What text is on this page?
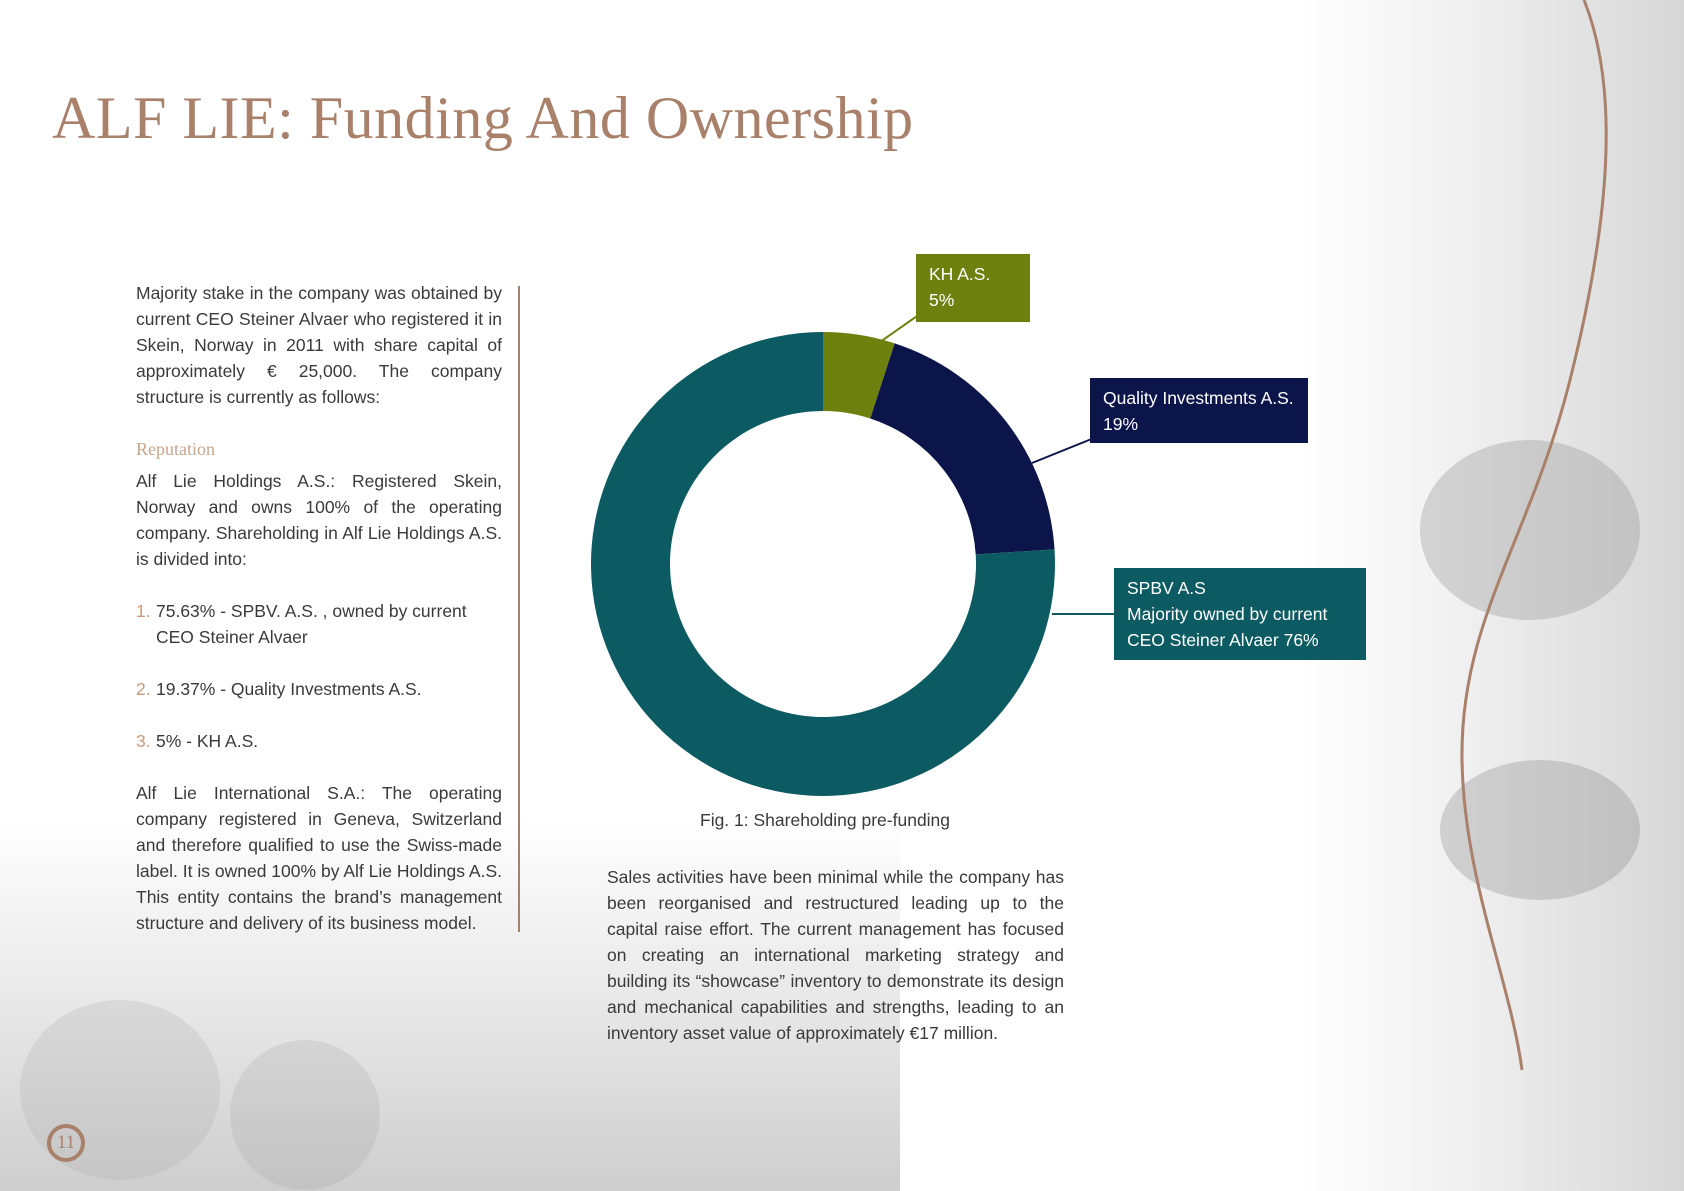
ALF LIE: Funding And Ownership

Majority stake in the company was obtained by current CEO Steiner Alvaer who registered it in Skein, Norway in 2011 with share capital of approximately € 25,000. The company structure is currently as follows:

Reputation

Alf Lie Holdings A.S.: Registered Skein, Norway and owns 100% of the operating company. Shareholding in Alf Lie Holdings A.S. is divided into:

1. 75.63% - SPBV. A.S. , owned by current CEO Steiner Alvaer
2. 19.37% - Quality Investments A.S.
3. 5% - KH A.S.

Alf Lie International S.A.: The operating company registered in Geneva, Switzerland and therefore qualified to use the Swiss-made label. It is owned 100% by Alf Lie Holdings A.S. This entity contains the brand’s management structure and delivery of its business model.

KH A.S.
5%
Quality Investments A.S.
19%
SPBV A.S
Majority owned by current
CEO Steiner Alvaer 76%
Fig. 1: Shareholding pre-funding

Sales activities have been minimal while the company has been reorganised and restructured leading up to the capital raise effort. The current management has focused on creating an international marketing strategy and building its “showcase” inventory to demonstrate its design and mechanical capabilities and strengths, leading to an inventory asset value of approximately €17 million.

11
